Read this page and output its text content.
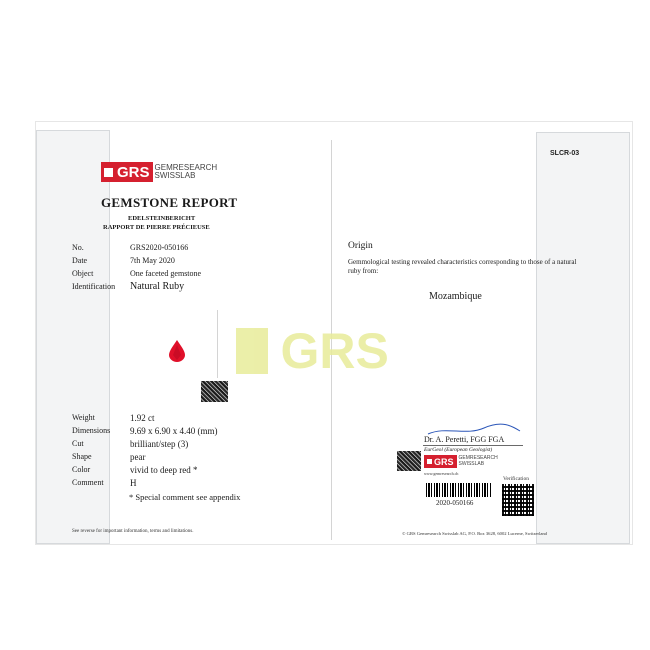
SLCR-03
GRS GEMRESEARCH
SWISSLAB
GEMSTONE REPORT
EDELSTEINBERICHT
RAPPORT DE PIERRE PRÉCIEUSE
No.	GRS2020-050166
Date	7th May 2020
Object	One faceted gemstone
Identification Natural Ruby
GRS
Weight	1.92 ct
Dimensions 9.69 x 6.90 x 4.40 (mm)
Cut	brilliant/step (3)
Shape	pear
Color	vivid to deep red *
Comment	H
* Special comment see appendix
See reverse for important information, terms and limitations.
Origin
Gemmological testing revealed characteristics corresponding to those of a natural ruby from:
Mozambique
Dr. A. Peretti, FGG FGA
EurGeol (European Geologist)
GRS GEMRESEARCH
SWISSLAB
www.gemresearch.ch
2020-050166
Verification
© GRS Gemresearch Swisslab AG, P.O. Box 3628, 6002 Lucerne, Switzerland
